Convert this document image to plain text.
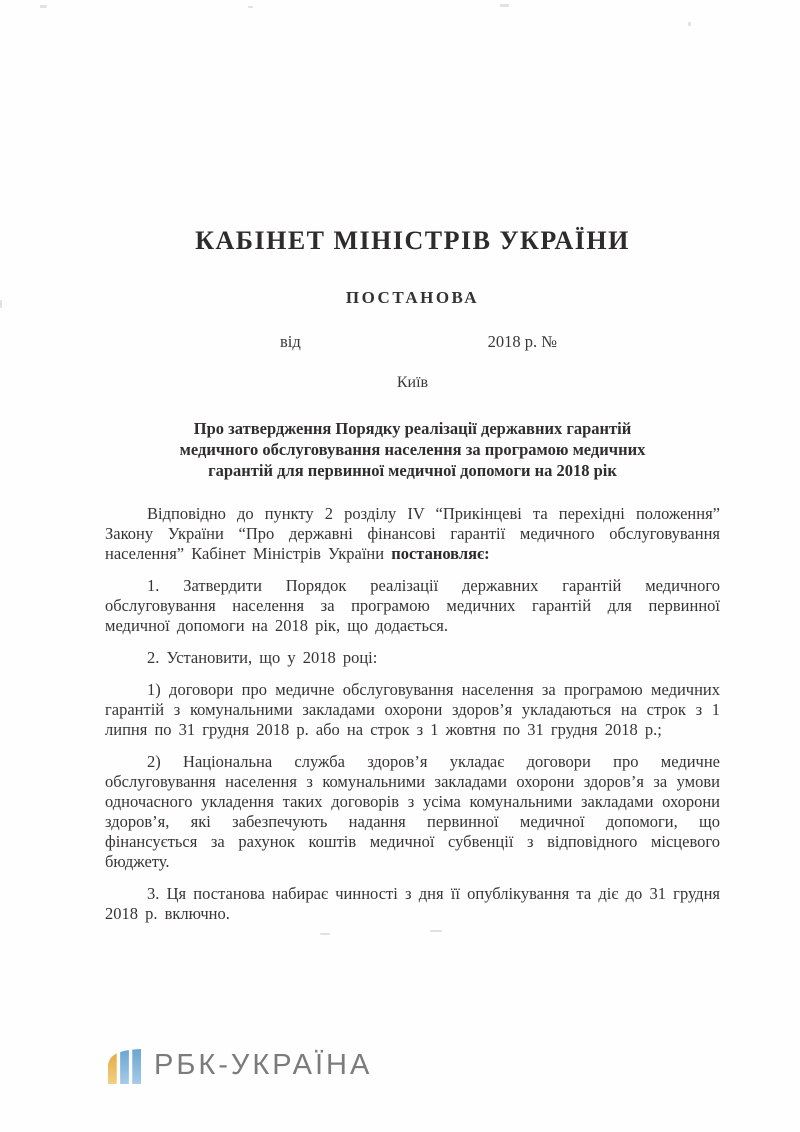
КАБІНЕТ МІНІСТРІВ УКРАЇНИ
ПОСТАНОВА
від	2018 р. №
Київ
Про затвердження Порядку реалізації державних гарантій
медичного обслуговування населення за програмою медичних
гарантій для первинної медичної допомоги на 2018 рік

Відповідно до пункту 2 розділу IV “Прикінцеві та перехідні положення” Закону України “Про державні фінансові гарантії медичного обслуговування населення” Кабінет Міністрів України постановляє:

1. Затвердити Порядок реалізації державних гарантій медичного обслуговування населення за програмою медичних гарантій для первинної медичної допомоги на 2018 рік, що додається.

2. Установити, що у 2018 році:

1) договори про медичне обслуговування населення за програмою медичних гарантій з комунальними закладами охорони здоров’я укладаються на строк з 1 липня по 31 грудня 2018 р. або на строк з 1 жовтня по 31 грудня 2018 р.;

2) Національна служба здоров’я укладає договори про медичне обслуговування населення з комунальними закладами охорони здоров’я за умови одночасного укладення таких договорів з усіма комунальними закладами охорони здоров’я, які забезпечують надання первинної медичної допомоги, що фінансується за рахунок коштів медичної субвенції з відповідного місцевого бюджету.

3. Ця постанова набирає чинності з дня її опублікування та діє до 31 грудня 2018 р. включно.

РБК-УКРАЇНА
